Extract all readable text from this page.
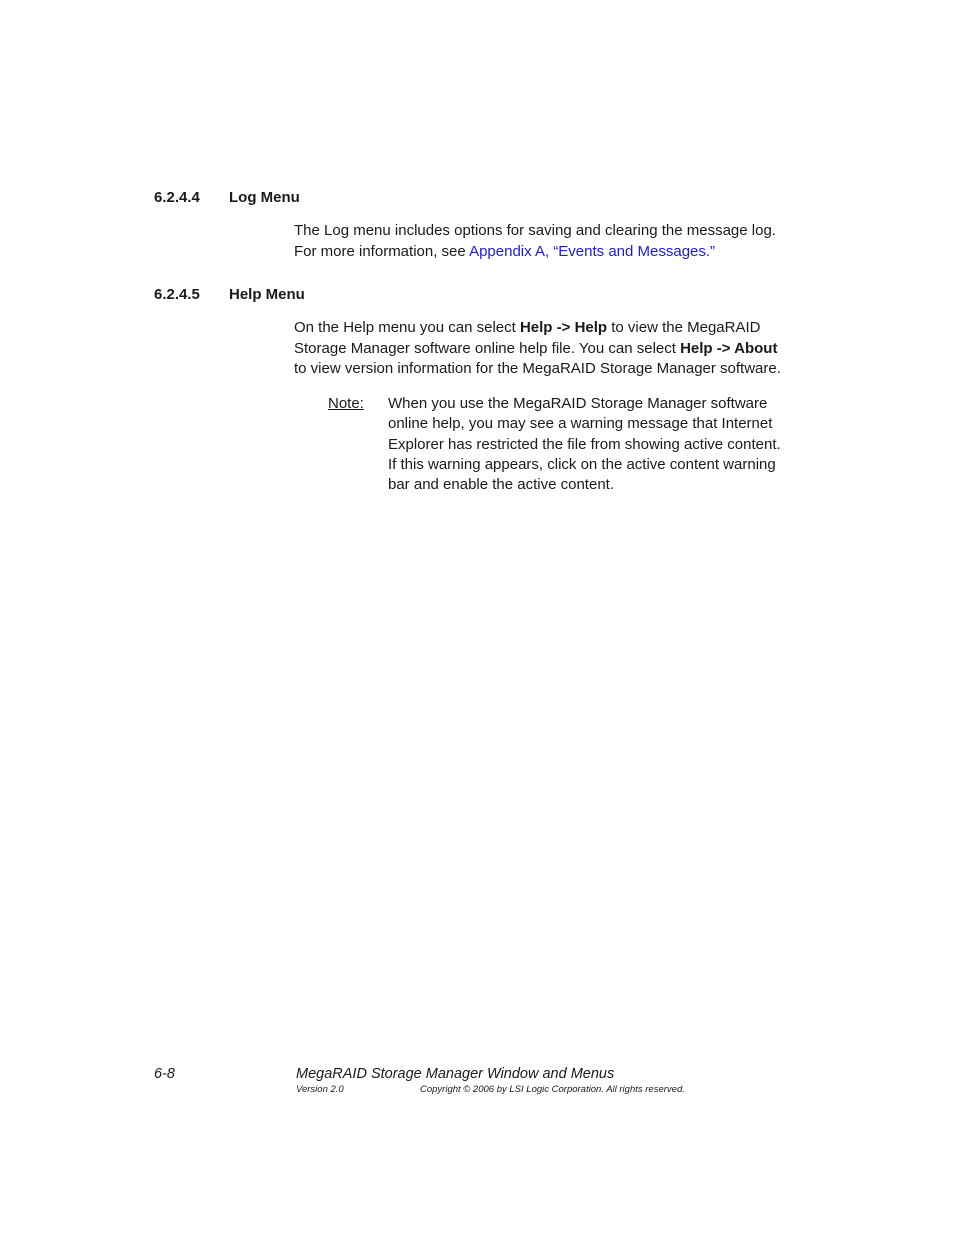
6.2.4.4 Log Menu
The Log menu includes options for saving and clearing the message log.
For more information, see Appendix A, “Events and Messages.”
6.2.4.5 Help Menu
On the Help menu you can select Help -> Help to view the MegaRAID
Storage Manager software online help file. You can select Help -> About
to view version information for the MegaRAID Storage Manager software.
Note: When you use the MegaRAID Storage Manager software
online help, you may see a warning message that Internet
Explorer has restricted the file from showing active content.
If this warning appears, click on the active content warning
bar and enable the active content.
6-8	MegaRAID Storage Manager Window and Menus
Version 2.0	Copyright © 2006 by LSI Logic Corporation. All rights reserved.
